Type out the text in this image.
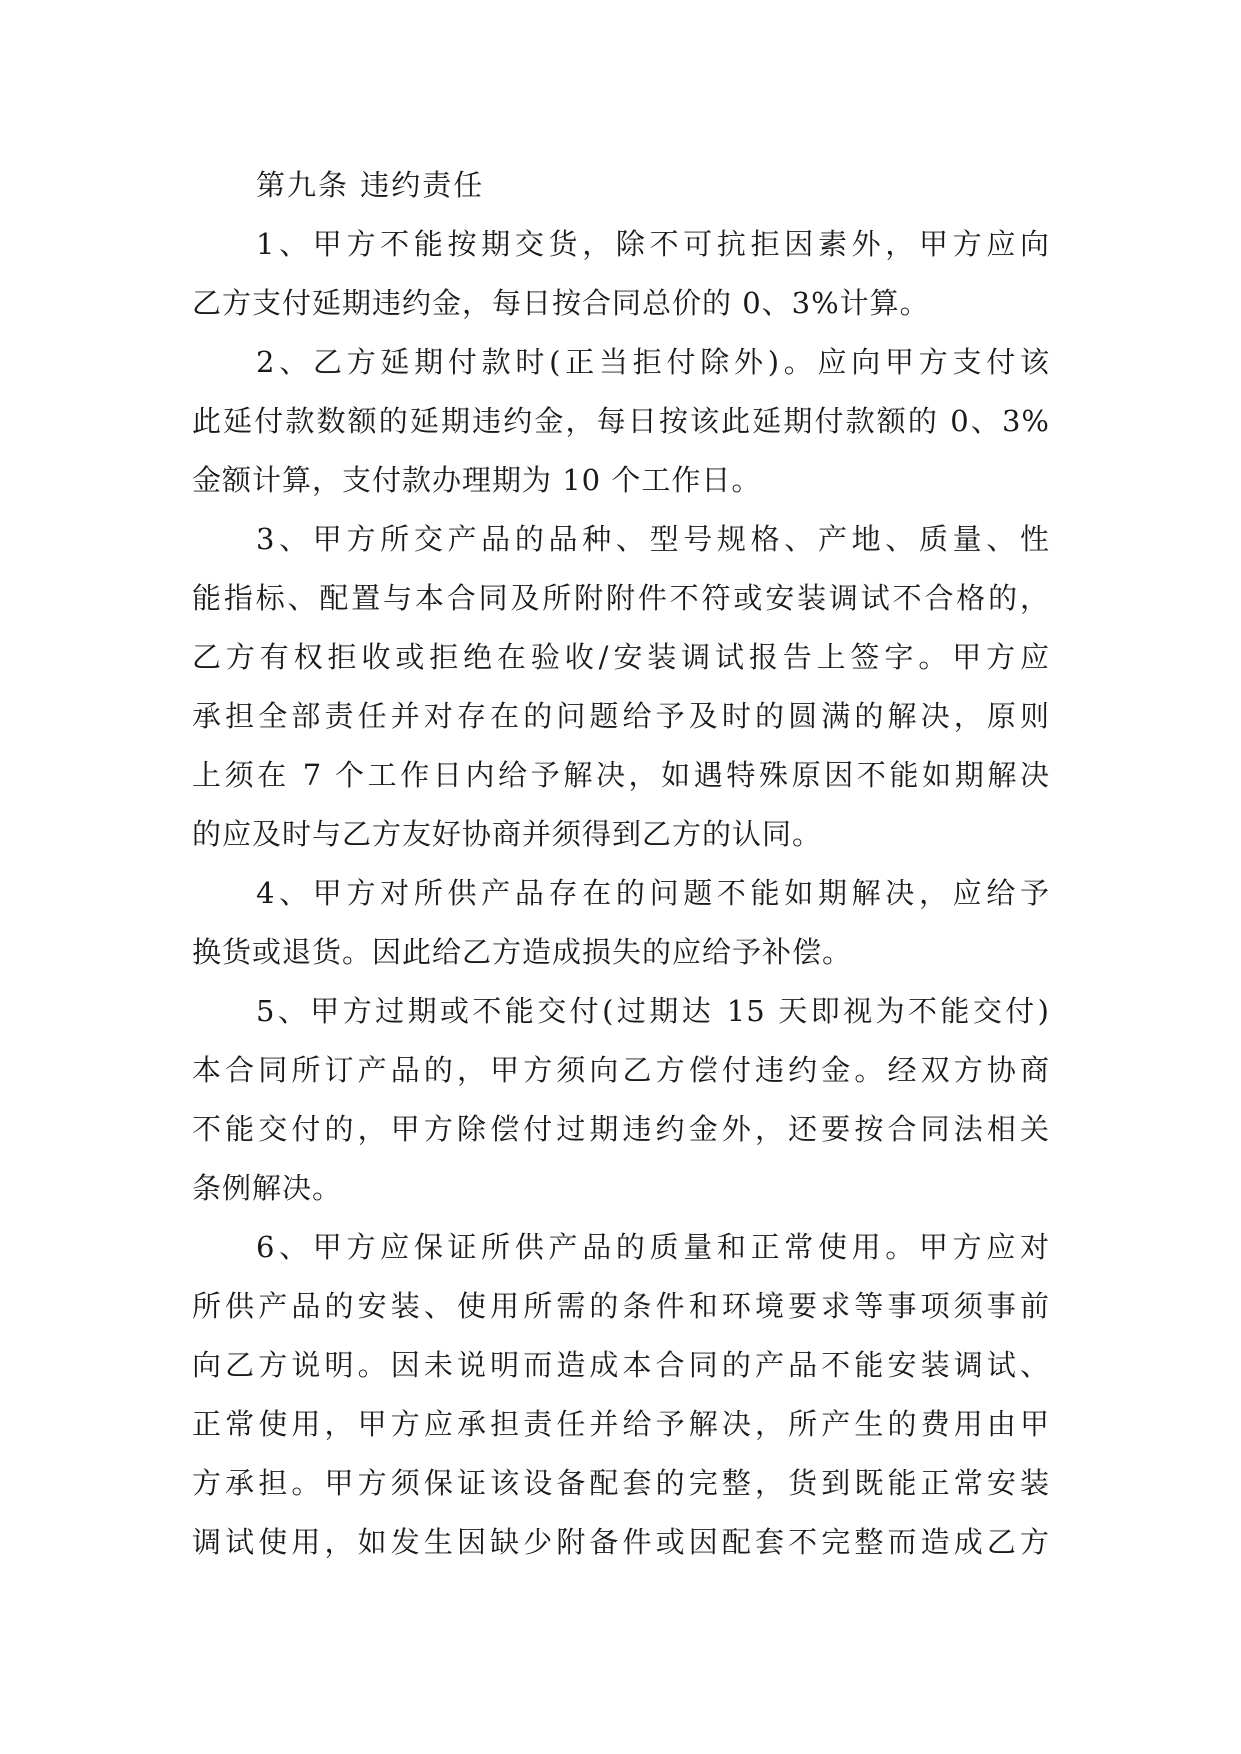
第九条 违约责任
1、甲方不能按期交货，除不可抗拒因素外，甲方应向
乙方支付延期违约金，每日按合同总价的 0、3%计算。
2、乙方延期付款时(正当拒付除外)。应向甲方支付该
此延付款数额的延期违约金，每日按该此延期付款额的 0、3%
金额计算，支付款办理期为 10 个工作日。
3、甲方所交产品的品种、型号规格、产地、质量、性
能指标、配置与本合同及所附附件不符或安装调试不合格的，
乙方有权拒收或拒绝在验收/安装调试报告上签字。甲方应
承担全部责任并对存在的问题给予及时的圆满的解决，原则
上须在 7 个工作日内给予解决，如遇特殊原因不能如期解决
的应及时与乙方友好协商并须得到乙方的认同。
4、甲方对所供产品存在的问题不能如期解决，应给予
换货或退货。因此给乙方造成损失的应给予补偿。
5、甲方过期或不能交付(过期达 15 天即视为不能交付)
本合同所订产品的，甲方须向乙方偿付违约金。经双方协商
不能交付的，甲方除偿付过期违约金外，还要按合同法相关
条例解决。
6、甲方应保证所供产品的质量和正常使用。甲方应对
所供产品的安装、使用所需的条件和环境要求等事项须事前
向乙方说明。因未说明而造成本合同的产品不能安装调试、
正常使用，甲方应承担责任并给予解决，所产生的费用由甲
方承担。甲方须保证该设备配套的完整，货到既能正常安装
调试使用，如发生因缺少附备件或因配套不完整而造成乙方
